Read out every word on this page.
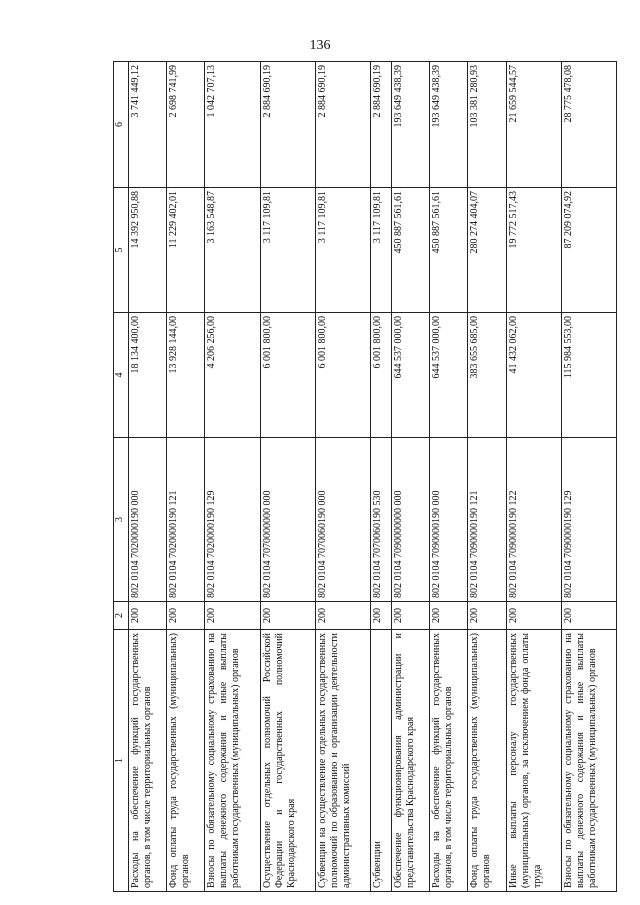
136
1	2	3	4	5	6
Расходы на обеспечение функций государственных органов, в том числе территориальных органов	200	802 0104 7020000190 000	18 134 400,00	14 392 950,88	3 741 449,12
Фонд оплаты труда государственных (муниципальных) органов	200	802 0104 7020000190 121	13 928 144,00	11 229 402,01	2 698 741,99
Взносы по обязательному социальному страхованию на выплаты денежного содержания и иные выплаты работникам государственных (муниципальных) органов	200	802 0104 7020000190 129	4 206 256,00	3 163 548,87	1 042 707,13
Осуществление отдельных полномочий Российской Федерации и государственных полномочий Краснодарского края	200	802 0104 7070000000 000	6 001 800,00	3 117 109,81	2 884 690,19
Субвенции на осуществление отдельных государственных полномочий по образованию и организации деятельности административных комиссий	200	802 0104 7070060190 000	6 001 800,00	3 117 109,81	2 884 690,19
Субвенции	200	802 0104 7070060190 530	6 001 800,00	3 117 109,81	2 884 690,19
Обеспечение функционирования администрации и представительства Краснодарского края	200	802 0104 7090000000 000	644 537 000,00	450 887 561,61	193 649 438,39
Расходы на обеспечение функций государственных органов, в том числе территориальных органов	200	802 0104 7090000190 000	644 537 000,00	450 887 561,61	193 649 438,39
Фонд оплаты труда государственных (муниципальных) органов	200	802 0104 7090000190 121	383 655 685,00	280 274 404,07	103 381 280,93
Иные выплаты персоналу государственных (муниципальных) органов, за исключением фонда оплаты труда	200	802 0104 7090000190 122	41 432 062,00	19 772 517,43	21 659 544,57
Взносы по обязательному социальному страхованию на выплаты денежного содержания и иные выплаты работникам государственных (муниципальных) органов	200	802 0104 7090000190 129	115 984 553,00	87 209 074,92	28 775 478,08
